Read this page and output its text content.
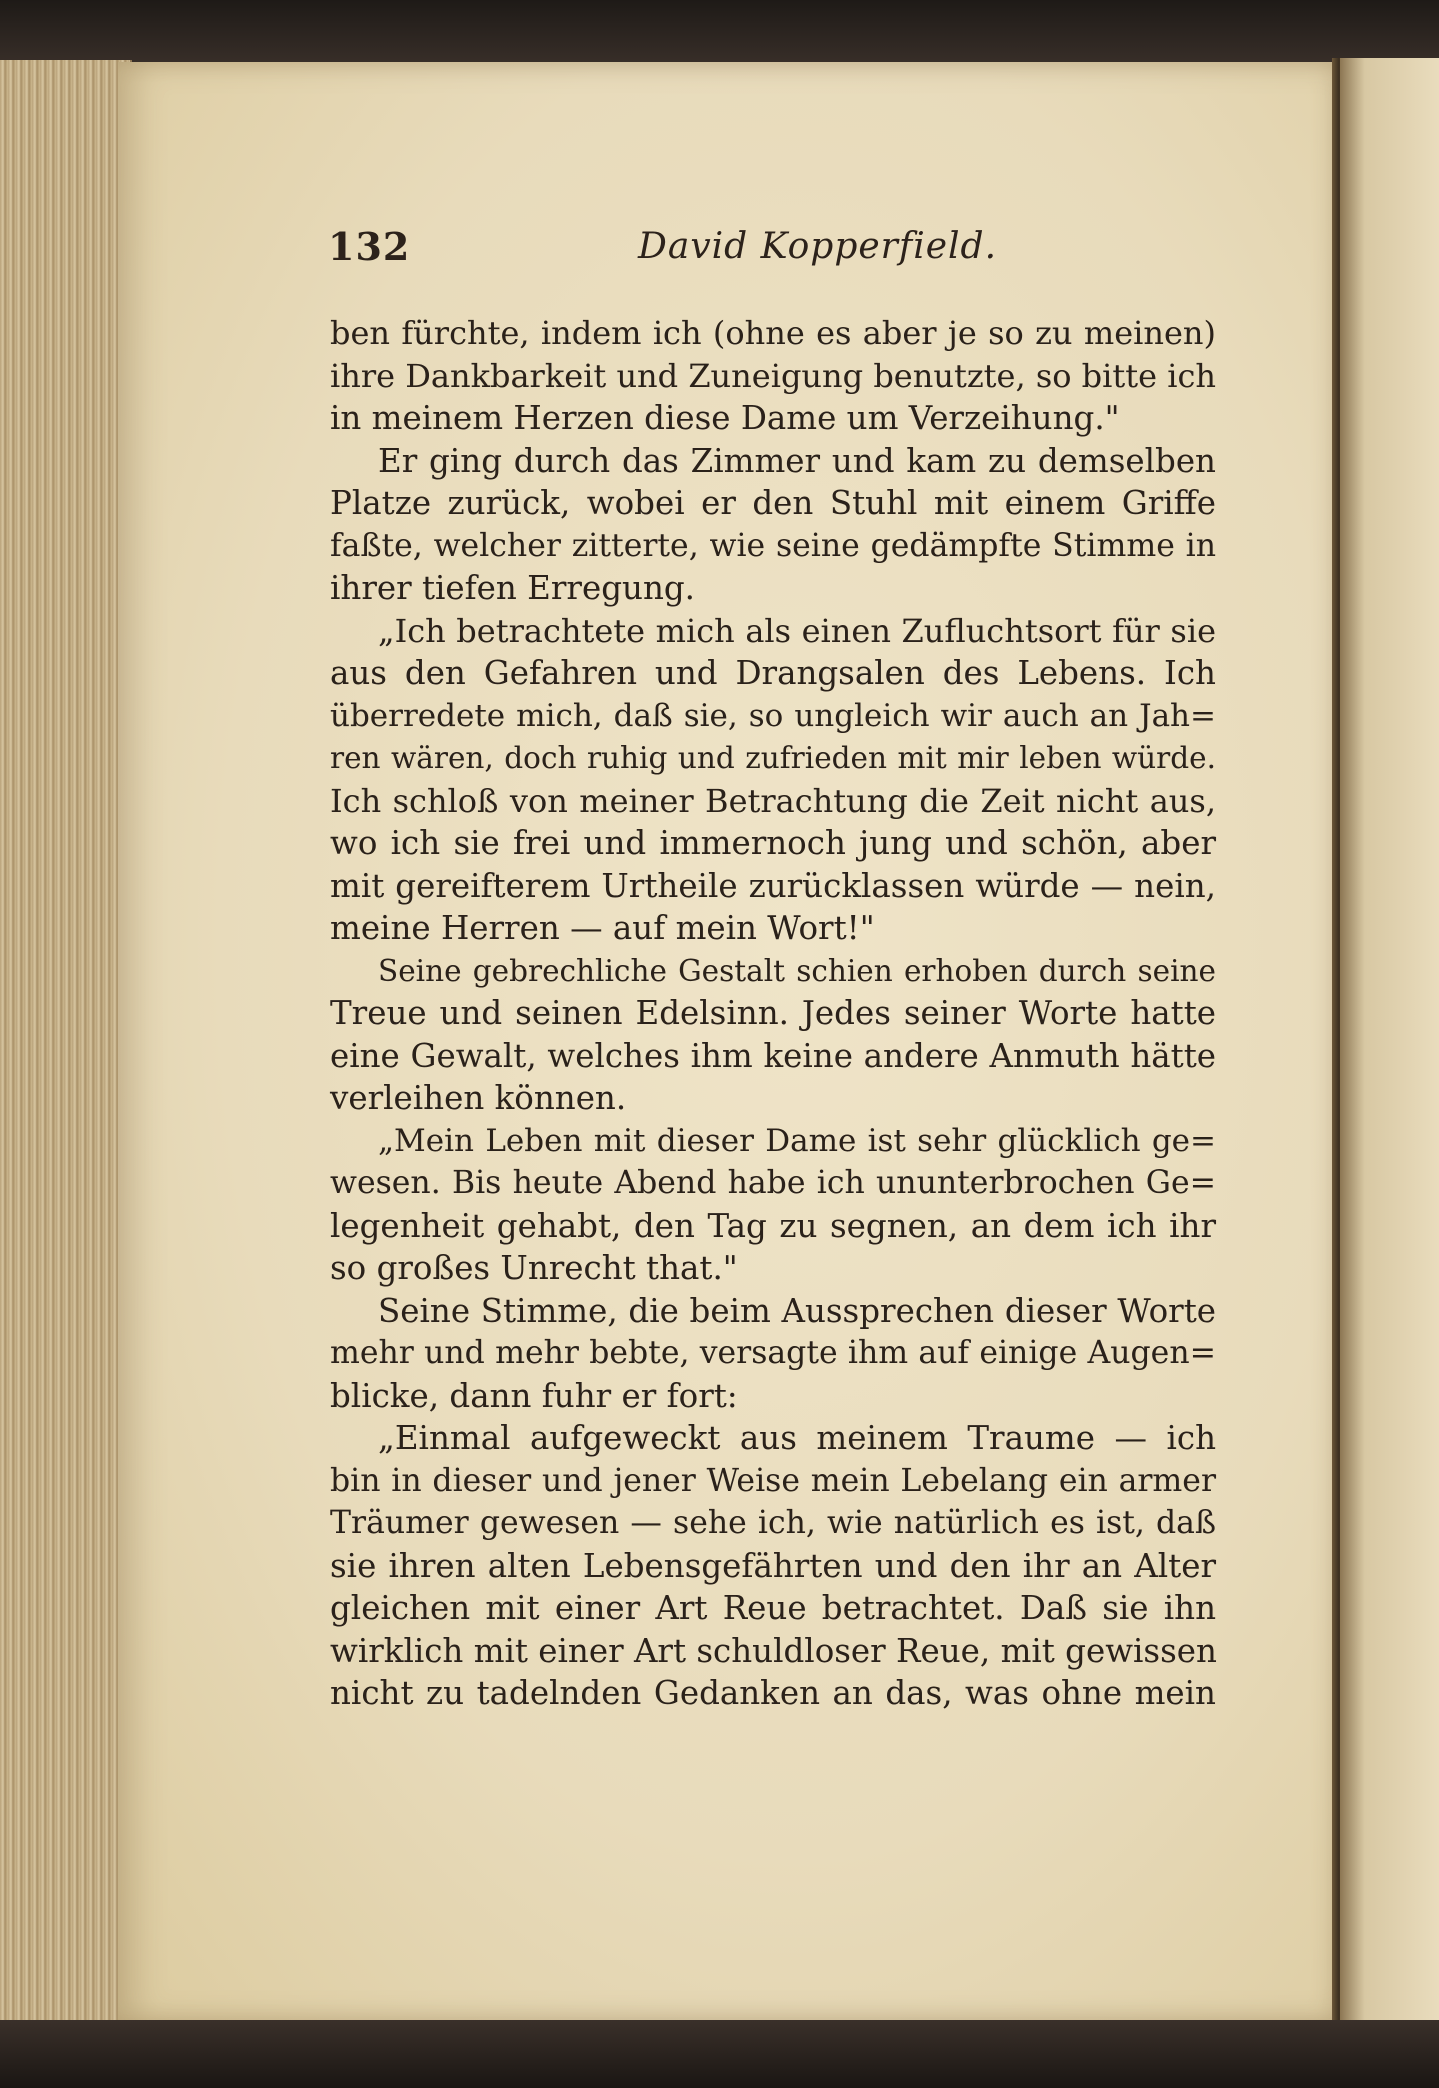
132	David Kopperfield.
ben fürchte, indem ich (ohne es aber je so zu meinen)
ihre Dankbarkeit und Zuneigung benutzte, so bitte ich
in meinem Herzen diese Dame um Verzeihung."
Er ging durch das Zimmer und kam zu demselben
Platze zurück, wobei er den Stuhl mit einem Griffe
faßte, welcher zitterte, wie seine gedämpfte Stimme in
ihrer tiefen Erregung.
„Ich betrachtete mich als einen Zufluchtsort für sie
aus den Gefahren und Drangsalen des Lebens. Ich
überredete mich, daß sie, so ungleich wir auch an Jah=
ren wären, doch ruhig und zufrieden mit mir leben würde.
Ich schloß von meiner Betrachtung die Zeit nicht aus,
wo ich sie frei und immernoch jung und schön, aber
mit gereifterem Urtheile zurücklassen würde — nein,
meine Herren — auf mein Wort!"
Seine gebrechliche Gestalt schien erhoben durch seine
Treue und seinen Edelsinn. Jedes seiner Worte hatte
eine Gewalt, welches ihm keine andere Anmuth hätte
verleihen können.
„Mein Leben mit dieser Dame ist sehr glücklich ge=
wesen. Bis heute Abend habe ich ununterbrochen Ge=
legenheit gehabt, den Tag zu segnen, an dem ich ihr
so großes Unrecht that."
Seine Stimme, die beim Aussprechen dieser Worte
mehr und mehr bebte, versagte ihm auf einige Augen=
blicke, dann fuhr er fort:
„Einmal aufgeweckt aus meinem Traume — ich
bin in dieser und jener Weise mein Lebelang ein armer
Träumer gewesen — sehe ich, wie natürlich es ist, daß
sie ihren alten Lebensgefährten und den ihr an Alter
gleichen mit einer Art Reue betrachtet. Daß sie ihn
wirklich mit einer Art schuldloser Reue, mit gewissen
nicht zu tadelnden Gedanken an das, was ohne mein
